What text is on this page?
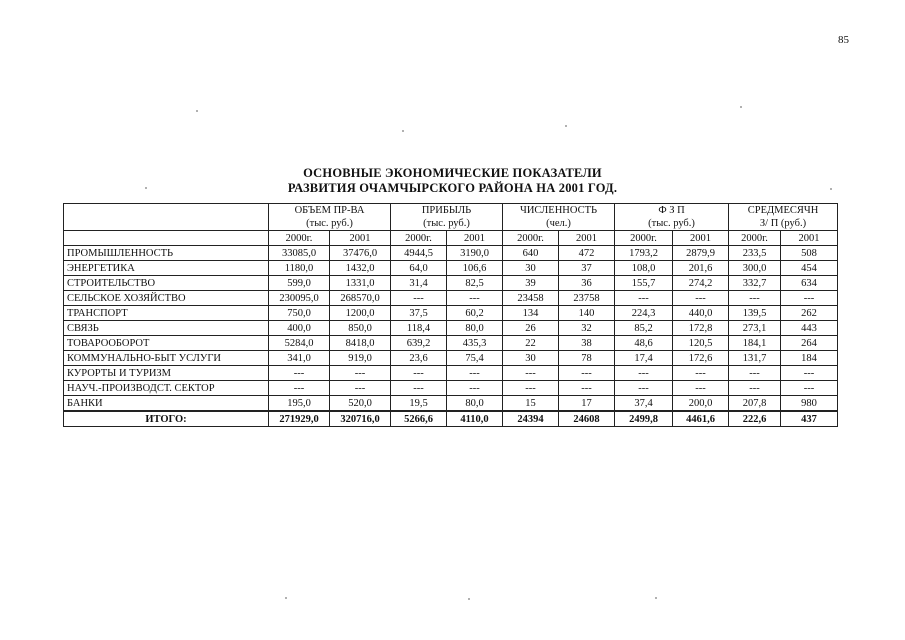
85
ОСНОВНЫЕ ЭКОНОМИЧЕСКИЕ ПОКАЗАТЕЛИ
РАЗВИТИЯ ОЧАМЧЫРСКОГО РАЙОНА НА 2001 ГОД.

	ОБЪЕМ ПР-ВА
(тыс. руб.)		ПРИБЫЛЬ
(тыс. руб.)		ЧИСЛЕННОСТЬ
(чел.)		Ф З П
(тыс. руб.)		СРЕДМЕСЯЧН
З/ П (руб.)	

	2000г.	2001	2000г.	2001	2000г.	2001	2000г.	2001	2000г.	2001
ПРОМЫШЛЕННОСТЬ	33085,0	37476,0	4944,5	3190,0	640	472	1793,2	2879,9	233,5	508
ЭНЕРГЕТИКА	1180,0	1432,0	64,0	106,6	30	37	108,0	201,6	300,0	454
СТРОИТЕЛЬСТВО	599,0	1331,0	31,4	82,5	39	36	155,7	274,2	332,7	634
СЕЛЬСКОЕ ХОЗЯЙСТВО	230095,0	268570,0	---	---	23458	23758	---	---	---	---
ТРАНСПОРТ	750,0	1200,0	37,5	60,2	134	140	224,3	440,0	139,5	262
СВЯЗЬ	400,0	850,0	118,4	80,0	26	32	85,2	172,8	273,1	443
ТОВАРООБОРОТ	5284,0	8418,0	639,2	435,3	22	38	48,6	120,5	184,1	264
КОММУНАЛЬНО-БЫТ УСЛУГИ	341,0	919,0	23,6	75,4	30	78	17,4	172,6	131,7	184
КУРОРТЫ И ТУРИЗМ	---	---	---	---	---	---	---	---	---	---
НАУЧ.-ПРОИЗВОДСТ. СЕКТОР	---	---	---	---	---	---	---	---	---	---
БАНКИ	195,0	520,0	19,5	80,0	15	17	37,4	200,0	207,8	980
ИТОГО:	271929,0	320716,0	5266,6	4110,0	24394	24608	2499,8	4461,6	222,6	437
